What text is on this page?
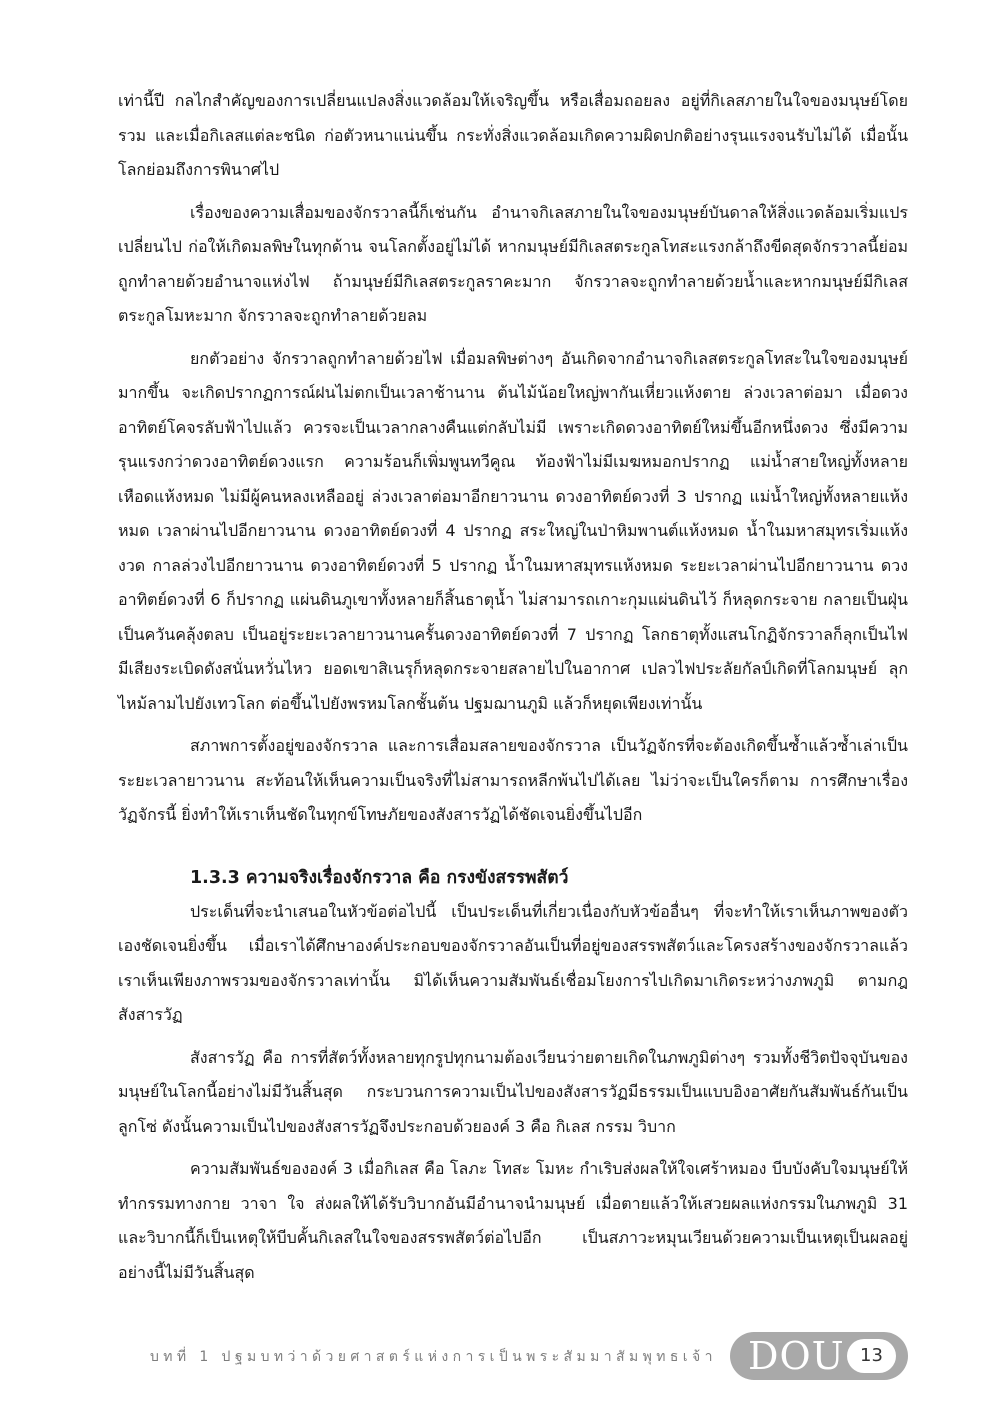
เท่านี้ปี กลไกสำคัญของการเปลี่ยนแปลงสิ่งแวดล้อมให้เจริญขึ้น หรือเสื่อมถอยลง อยู่ที่กิเลสภายในใจของมนุษย์โดยรวม และเมื่อกิเลสแต่ละชนิด ก่อตัวหนาแน่นขึ้น กระทั่งสิ่งแวดล้อมเกิดความผิดปกติอย่างรุนแรงจนรับไม่ได้ เมื่อนั้นโลกย่อมถึงการพินาศไป

เรื่องของความเสื่อมของจักรวาลนี้ก็เช่นกัน อำนาจกิเลสภายในใจของมนุษย์บันดาลให้สิ่งแวดล้อมเริ่มแปรเปลี่ยนไป ก่อให้เกิดมลพิษในทุกด้าน จนโลกตั้งอยู่ไม่ได้ หากมนุษย์มีกิเลสตระกูลโทสะแรงกล้าถึงขีดสุดจักรวาลนี้ย่อมถูกทำลายด้วยอำนาจแห่งไฟ ถ้ามนุษย์มีกิเลสตระกูลราคะมาก จักรวาลจะถูกทำลายด้วยน้ำและหากมนุษย์มีกิเลสตระกูลโมหะมาก จักรวาลจะถูกทำลายด้วยลม

ยกตัวอย่าง จักรวาลถูกทำลายด้วยไฟ เมื่อมลพิษต่างๆ อันเกิดจากอำนาจกิเลสตระกูลโทสะในใจของมนุษย์มากขึ้น จะเกิดปรากฏการณ์ฝนไม่ตกเป็นเวลาช้านาน ต้นไม้น้อยใหญ่พากันเหี่ยวแห้งตาย ล่วงเวลาต่อมา เมื่อดวงอาทิตย์โคจรลับฟ้าไปแล้ว ควรจะเป็นเวลากลางคืนแต่กลับไม่มี เพราะเกิดดวงอาทิตย์ใหม่ขึ้นอีกหนึ่งดวง ซึ่งมีความรุนแรงกว่าดวงอาทิตย์ดวงแรก ความร้อนก็เพิ่มพูนทวีคูณ ท้องฟ้าไม่มีเมฆหมอกปรากฏ แม่น้ำสายใหญ่ทั้งหลายเหือดแห้งหมด ไม่มีผู้คนหลงเหลืออยู่ ล่วงเวลาต่อมาอีกยาวนาน ดวงอาทิตย์ดวงที่ 3 ปรากฏ แม่น้ำใหญ่ทั้งหลายแห้งหมด เวลาผ่านไปอีกยาวนาน ดวงอาทิตย์ดวงที่ 4 ปรากฏ สระใหญ่ในป่าหิมพานต์แห้งหมด น้ำในมหาสมุทรเริ่มแห้งงวด กาลล่วงไปอีกยาวนาน ดวงอาทิตย์ดวงที่ 5 ปรากฏ น้ำในมหาสมุทรแห้งหมด ระยะเวลาผ่านไปอีกยาวนาน ดวงอาทิตย์ดวงที่ 6 ก็ปรากฏ แผ่นดินภูเขาทั้งหลายก็สิ้นธาตุน้ำ ไม่สามารถเกาะกุมแผ่นดินไว้ ก็หลุดกระจาย กลายเป็นฝุ่นเป็นควันคลุ้งตลบ เป็นอยู่ระยะเวลายาวนานครั้นดวงอาทิตย์ดวงที่ 7 ปรากฏ โลกธาตุทั้งแสนโกฏิจักรวาลก็ลุกเป็นไฟ มีเสียงระเบิดดังสนั่นหวั่นไหว ยอดเขาสิเนรุก็หลุดกระจายสลายไปในอากาศ เปลวไฟประลัยกัลป์เกิดที่โลกมนุษย์ ลุกไหม้ลามไปยังเทวโลก ต่อขึ้นไปยังพรหมโลกชั้นต้น ปฐมฌานภูมิ แล้วก็หยุดเพียงเท่านั้น

สภาพการตั้งอยู่ของจักรวาล และการเสื่อมสลายของจักรวาล เป็นวัฏจักรที่จะต้องเกิดขึ้นซ้ำแล้วซ้ำเล่าเป็นระยะเวลายาวนาน สะท้อนให้เห็นความเป็นจริงที่ไม่สามารถหลีกพ้นไปได้เลย ไม่ว่าจะเป็นใครก็ตาม การศึกษาเรื่องวัฏจักรนี้ ยิ่งทำให้เราเห็นชัดในทุกข์โทษภัยของสังสารวัฏได้ชัดเจนยิ่งขึ้นไปอีก

1.3.3 ความจริงเรื่องจักรวาล คือ กรงขังสรรพสัตว์

ประเด็นที่จะนำเสนอในหัวข้อต่อไปนี้ เป็นประเด็นที่เกี่ยวเนื่องกับหัวข้ออื่นๆ ที่จะทำให้เราเห็นภาพของตัวเองชัดเจนยิ่งขึ้น เมื่อเราได้ศึกษาองค์ประกอบของจักรวาลอันเป็นที่อยู่ของสรรพสัตว์และโครงสร้างของจักรวาลแล้ว เราเห็นเพียงภาพรวมของจักรวาลเท่านั้น มิได้เห็นความสัมพันธ์เชื่อมโยงการไปเกิดมาเกิดระหว่างภพภูมิ ตามกฎสังสารวัฏ

สังสารวัฏ คือ การที่สัตว์ทั้งหลายทุกรูปทุกนามต้องเวียนว่ายตายเกิดในภพภูมิต่างๆ รวมทั้งชีวิตปัจจุบันของมนุษย์ในโลกนี้อย่างไม่มีวันสิ้นสุด กระบวนการความเป็นไปของสังสารวัฏมีธรรมเป็นแบบอิงอาศัยกันสัมพันธ์กันเป็นลูกโซ่ ดังนั้นความเป็นไปของสังสารวัฏจึงประกอบด้วยองค์ 3 คือ กิเลส กรรม วิบาก

ความสัมพันธ์ขององค์ 3 เมื่อกิเลส คือ โลภะ โทสะ โมหะ กำเริบส่งผลให้ใจเศร้าหมอง บีบบังคับใจมนุษย์ให้ทำกรรมทางกาย วาจา ใจ ส่งผลให้ได้รับวิบากอันมีอำนาจนำมนุษย์ เมื่อตายแล้วให้เสวยผลแห่งกรรมในภพภูมิ 31 และวิบากนี้ก็เป็นเหตุให้บีบคั้นกิเลสในใจของสรรพสัตว์ต่อไปอีก เป็นสภาวะหมุนเวียนด้วยความเป็นเหตุเป็นผลอยู่อย่างนี้ไม่มีวันสิ้นสุด

บทที่ 1 ปฐมบทว่าด้วยศาสตร์แห่งการเป็นพระสัมมาสัมพุทธเจ้า DOU 13
